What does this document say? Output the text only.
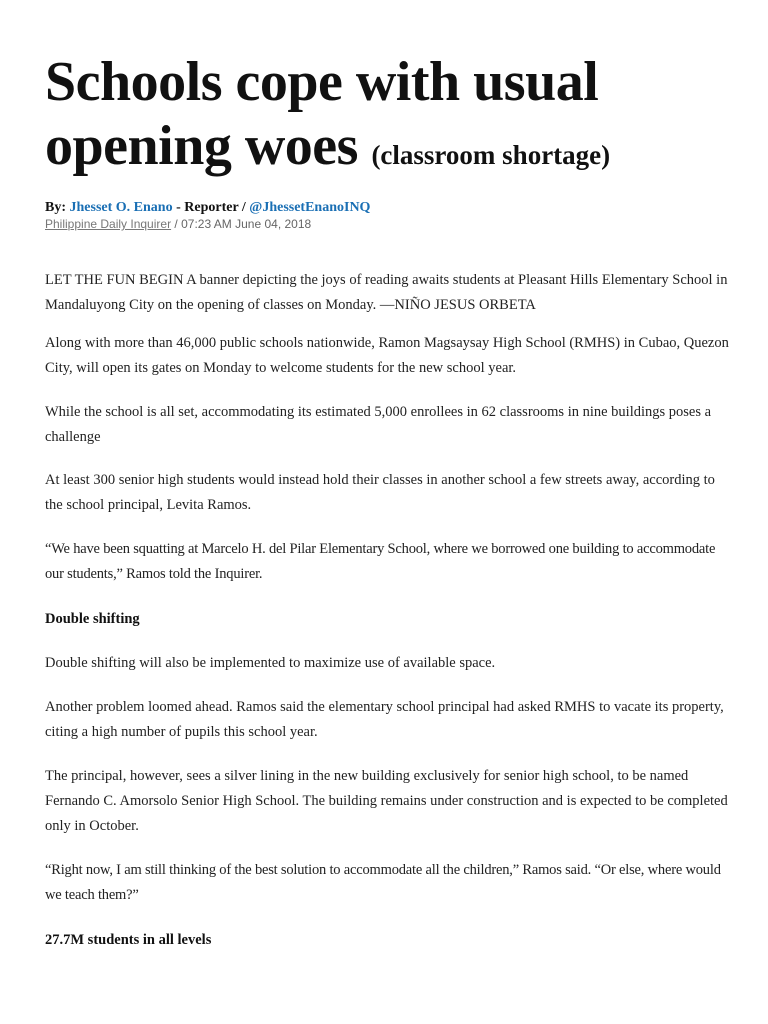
Schools cope with usual opening woes (classroom shortage)
By: Jhesset O. Enano - Reporter / @JhessetEnanoINQ
Philippine Daily Inquirer / 07:23 AM June 04, 2018

LET THE FUN BEGIN A banner depicting the joys of reading awaits students at Pleasant Hills Elementary School in Mandaluyong City on the opening of classes on Monday. —NIÑO JESUS ORBETA

Along with more than 46,000 public schools nationwide, Ramon Magsaysay High School (RMHS) in Cubao, Quezon City, will open its gates on Monday to welcome students for the new school year.

While the school is all set, accommodating its estimated 5,000 enrollees in 62 classrooms in nine buildings poses a challenge

At least 300 senior high students would instead hold their classes in another school a few streets away, according to the school principal, Levita Ramos.

“We have been squatting at Marcelo H. del Pilar Elementary School, where we borrowed one building to accommodate our students,” Ramos told the Inquirer.

Double shifting

Double shifting will also be implemented to maximize use of available space.

Another problem loomed ahead. Ramos said the elementary school principal had asked RMHS to vacate its property, citing a high number of pupils this school year.

The principal, however, sees a silver lining in the new building exclusively for senior high school, to be named Fernando C. Amorsolo Senior High School. The building remains under construction and is expected to be completed only in October.

“Right now, I am still thinking of the best solution to accommodate all the children,” Ramos said. “Or else, where would we teach them?”

27.7M students in all levels
